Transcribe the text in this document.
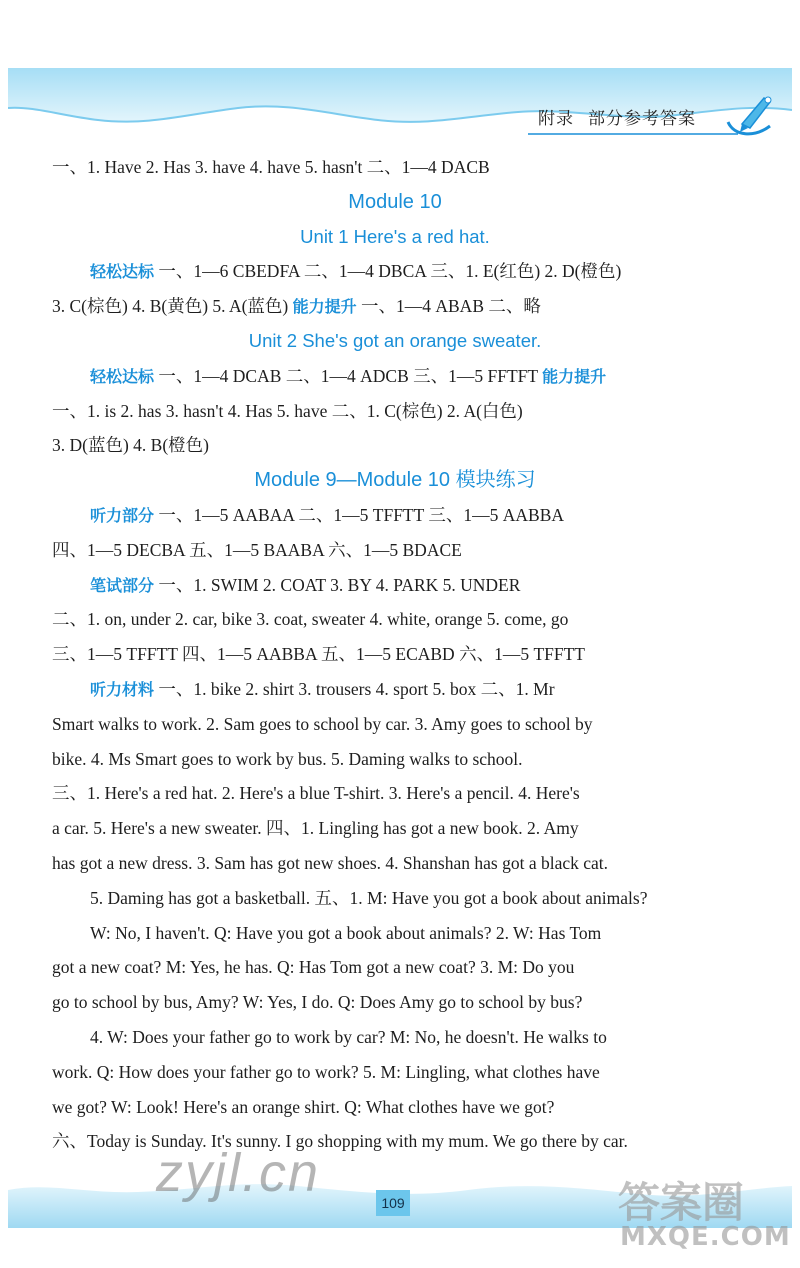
附录 部分参考答案
一、1. Have 2. Has 3. have 4. have 5. hasn't 二、1—4 DACB
Module 10
Unit 1 Here's a red hat.
轻松达标 一、1—6 CBEDFA 二、1—4 DBCA 三、1. E(红色) 2. D(橙色)
3. C(棕色) 4. B(黄色) 5. A(蓝色) 能力提升 一、1—4 ABAB 二、略
Unit 2 She's got an orange sweater.
轻松达标 一、1—4 DCAB 二、1—4 ADCB 三、1—5 FFTFT 能力提升
一、1. is 2. has 3. hasn't 4. Has 5. have 二、1. C(棕色) 2. A(白色)
3. D(蓝色) 4. B(橙色)
Module 9—Module 10 模块练习
听力部分 一、1—5 AABAA 二、1—5 TFFTT 三、1—5 AABBA
四、1—5 DECBA 五、1—5 BAABA 六、1—5 BDACE
笔试部分 一、1. SWIM 2. COAT 3. BY 4. PARK 5. UNDER
二、1. on, under 2. car, bike 3. coat, sweater 4. white, orange 5. come, go
三、1—5 TFFTT 四、1—5 AABBA 五、1—5 ECABD 六、1—5 TFFTT
听力材料 一、1. bike 2. shirt 3. trousers 4. sport 5. box 二、1. Mr
Smart walks to work. 2. Sam goes to school by car. 3. Amy goes to school by
bike. 4. Ms Smart goes to work by bus. 5. Daming walks to school.
三、1. Here's a red hat. 2. Here's a blue T-shirt. 3. Here's a pencil. 4. Here's
a car. 5. Here's a new sweater. 四、1. Lingling has got a new book. 2. Amy
has got a new dress. 3. Sam has got new shoes. 4. Shanshan has got a black cat.
5. Daming has got a basketball. 五、1. M: Have you got a book about animals?
W: No, I haven't. Q: Have you got a book about animals? 2. W: Has Tom
got a new coat? M: Yes, he has. Q: Has Tom got a new coat? 3. M: Do you
go to school by bus, Amy? W: Yes, I do. Q: Does Amy go to school by bus?
4. W: Does your father go to work by car? M: No, he doesn't. He walks to
work. Q: How does your father go to work? 5. M: Lingling, what clothes have
we got? W: Look! Here's an orange shirt. Q: What clothes have we got?
六、Today is Sunday. It's sunny. I go shopping with my mum. We go there by car.
109
zyjl.cn	答案圈
MXQE.COM
